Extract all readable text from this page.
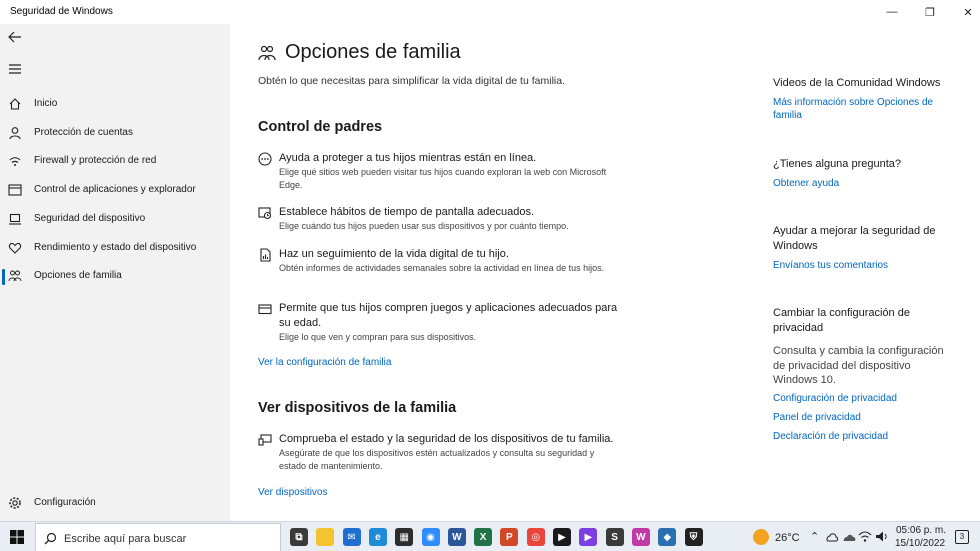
Seguridad de Windows	—	❐	✕
Inicio
Protección de cuentas
Firewall y protección de red
Control de aplicaciones y explorador
Seguridad del dispositivo
Rendimiento y estado del dispositivo
Opciones de familia
Configuración
Opciones de familia

Obtén lo que necesitas para simplificar la vida digital de tu familia.

Control de padres
Ayuda a proteger a tus hijos mientras están en línea.
Elige qué sitios web pueden visitar tus hijos cuando exploran la web con Microsoft Edge.
Establece hábitos de tiempo de pantalla adecuados.
Elige cuándo tus hijos pueden usar sus dispositivos y por cuánto tiempo.
Haz un seguimiento de la vida digital de tu hijo.
Obtén informes de actividades semanales sobre la actividad en línea de tus hijos.
Permite que tus hijos compren juegos y aplicaciones adecuados para su edad.
Elige lo que ven y compran para sus dispositivos.
Ver la configuración de familia
Ver dispositivos de la familia
Comprueba el estado y la seguridad de los dispositivos de tu familia.
Asegúrate de que los dispositivos estén actualizados y consulta su seguridad y estado de mantenimiento.
Ver dispositivos
Videos de la Comunidad Windows
Más información sobre Opciones de familia
¿Tienes alguna pregunta?
Obtener ayuda
Ayudar a mejorar la seguridad de Windows
Envíanos tus comentarios
Cambiar la configuración de privacidad
Consulta y cambia la configuración de privacidad del dispositivo Windows 10.
Configuración de privacidad
Panel de privacidad
Declaración de privacidad
Escribe aquí para buscar	⧉	✉	e	▦	◉	W	X	P	◎	▶	▶	S	W	◆	⛨	26°C ⌃
05:06 p. m.
15/10/2022
3
